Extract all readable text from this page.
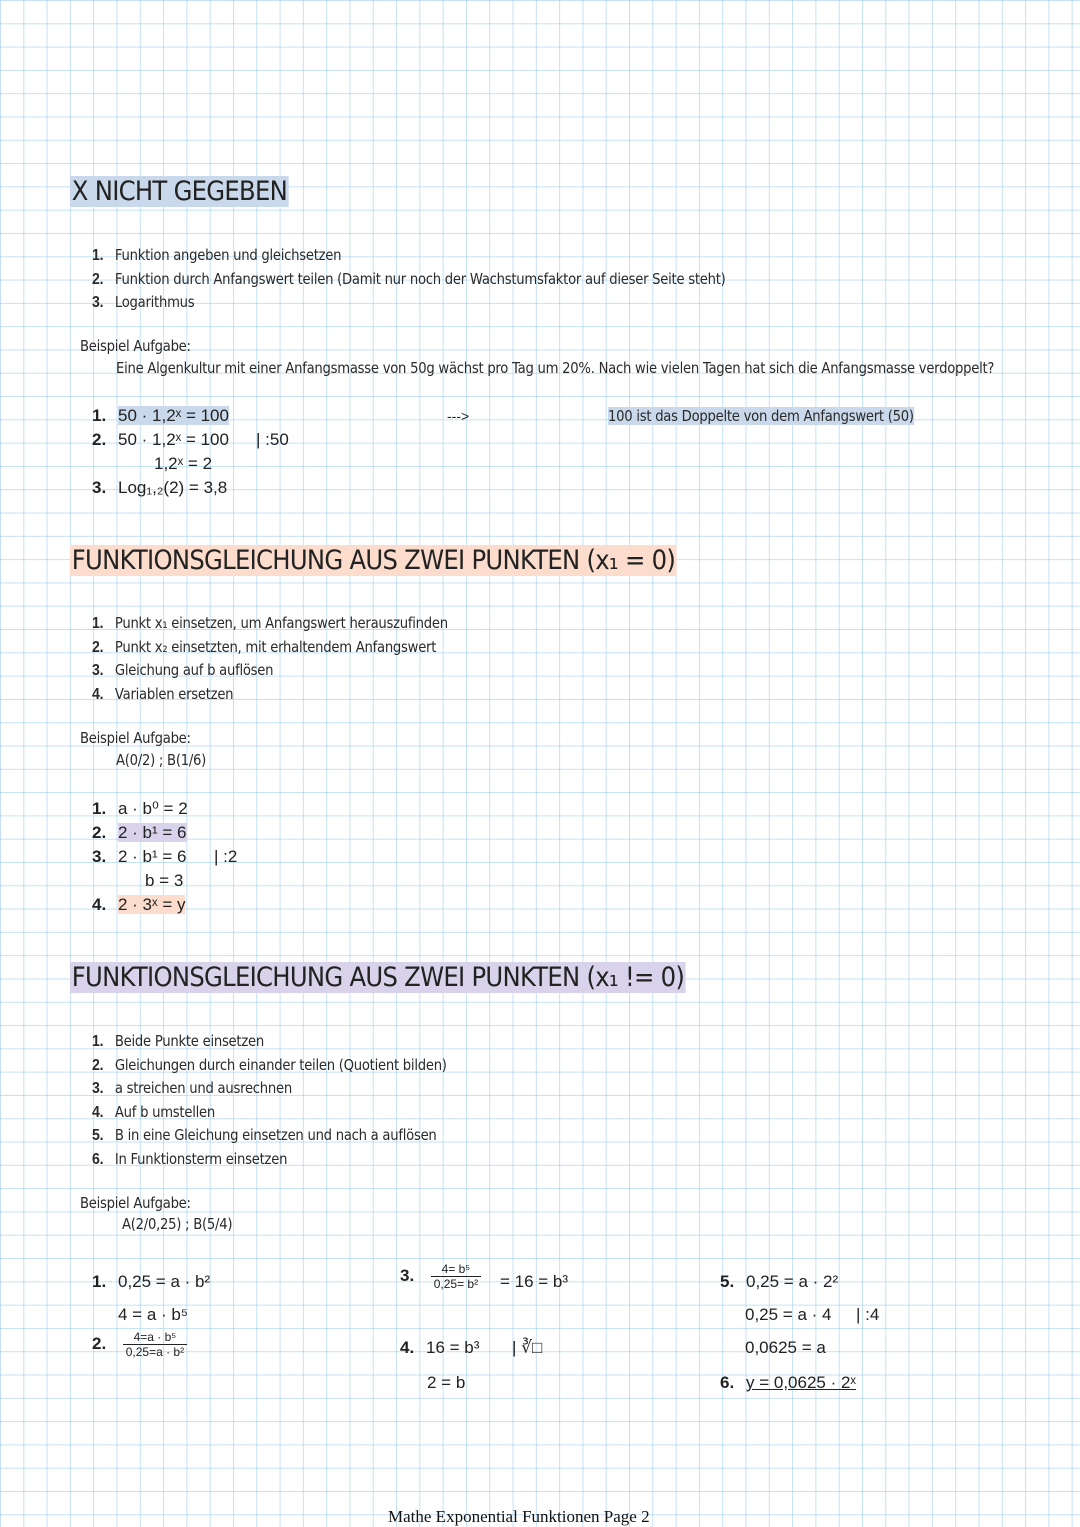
X NICHT GEGEBEN
1. Funktion angeben und gleichsetzen
2. Funktion durch Anfangswert teilen (Damit nur noch der Wachstumsfaktor auf dieser Seite steht)
3. Logarithmus
Beispiel Aufgabe:
Eine Algenkultur mit einer Anfangsmasse von 50g wächst pro Tag um 20%. Nach wie vielen Tagen hat sich die Anfangsmasse verdoppelt?
1. 50 · 1,2ˣ = 100	--->	100 ist das Doppelte von dem Anfangswert (50)
2. 50 · 1,2ˣ = 100 | :50
1,2ˣ = 2
3. Log₁,₂(2) = 3,8
FUNKTIONSGLEICHUNG AUS ZWEI PUNKTEN (x₁ = 0)
1. Punkt x₁ einsetzen, um Anfangswert herauszufinden
2. Punkt x₂ einsetzten, mit erhaltendem Anfangswert
3. Gleichung auf b auflösen
4. Variablen ersetzen
Beispiel Aufgabe:
A(0/2) ; B(1/6)
1. a · b⁰ = 2
2. 2 · b¹ = 6
3. 2 · b¹ = 6 | :2
b = 3
4. 2 · 3ˣ = y
FUNKTIONSGLEICHUNG AUS ZWEI PUNKTEN (x₁ != 0)
1. Beide Punkte einsetzen
2. Gleichungen durch einander teilen (Quotient bilden)
3. a streichen und ausrechnen
4. Auf b umstellen
5. B in eine Gleichung einsetzen und nach a auflösen
6. In Funktionsterm einsetzen
Beispiel Aufgabe:
A(2/0,25) ; B(5/4)
1. 0,25 = a · b²
4 = a · b⁵
2. $\frac{\text{4=a · b⁵}}{\text{0,25=a · b²}}$
3. $\frac{\text{4= b⁵}}{\text{0,25= b²}} = 16 = b^3$
4. 16 = b³ | ∛□
2 = b
5. 0,25 = a · 2²
0,25 = a · 4 | :4
0,0625 = a
6. y = 0,0625 · 2ˣ
Mathe Exponential Funktionen Page 2
